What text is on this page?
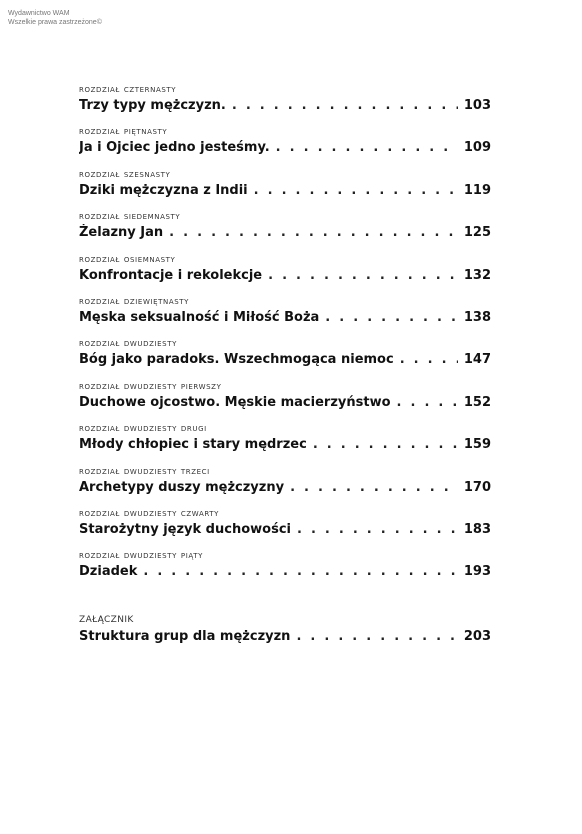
Wydawnictwo WAM
Wszelkie prawa zastrzeżone©
rozdział czternasty
Trzy typy mężczyzn. . . .	103
rozdział piętnasty
Ja i Ojciec jedno jesteśmy. . . .	109
rozdział szesnasty
Dziki mężczyzna z Indii . . .	119
rozdział siedemnasty
Żelazny Jan . . .	125
rozdział osiemnasty
Konfrontacje i rekolekcje . . .	132
rozdział dziewiętnasty
Męska seksualność i Miłość Boża . . .	138
rozdział dwudziesty
Bóg jako paradoks. Wszechmogąca niemoc . . .	147
rozdział dwudziesty pierwszy
Duchowe ojcostwo. Męskie macierzyństwo . . .	152
rozdział dwudziesty drugi
Młody chłopiec i stary mędrzec . . .	159
rozdział dwudziesty trzeci
Archetypy duszy mężczyzny . . .	170
rozdział dwudziesty czwarty
Starożytny język duchowości . . .	183
rozdział dwudziesty piąty
Dziadek . . .	193
załącznik
Struktura grup dla mężczyzn . . .	203
